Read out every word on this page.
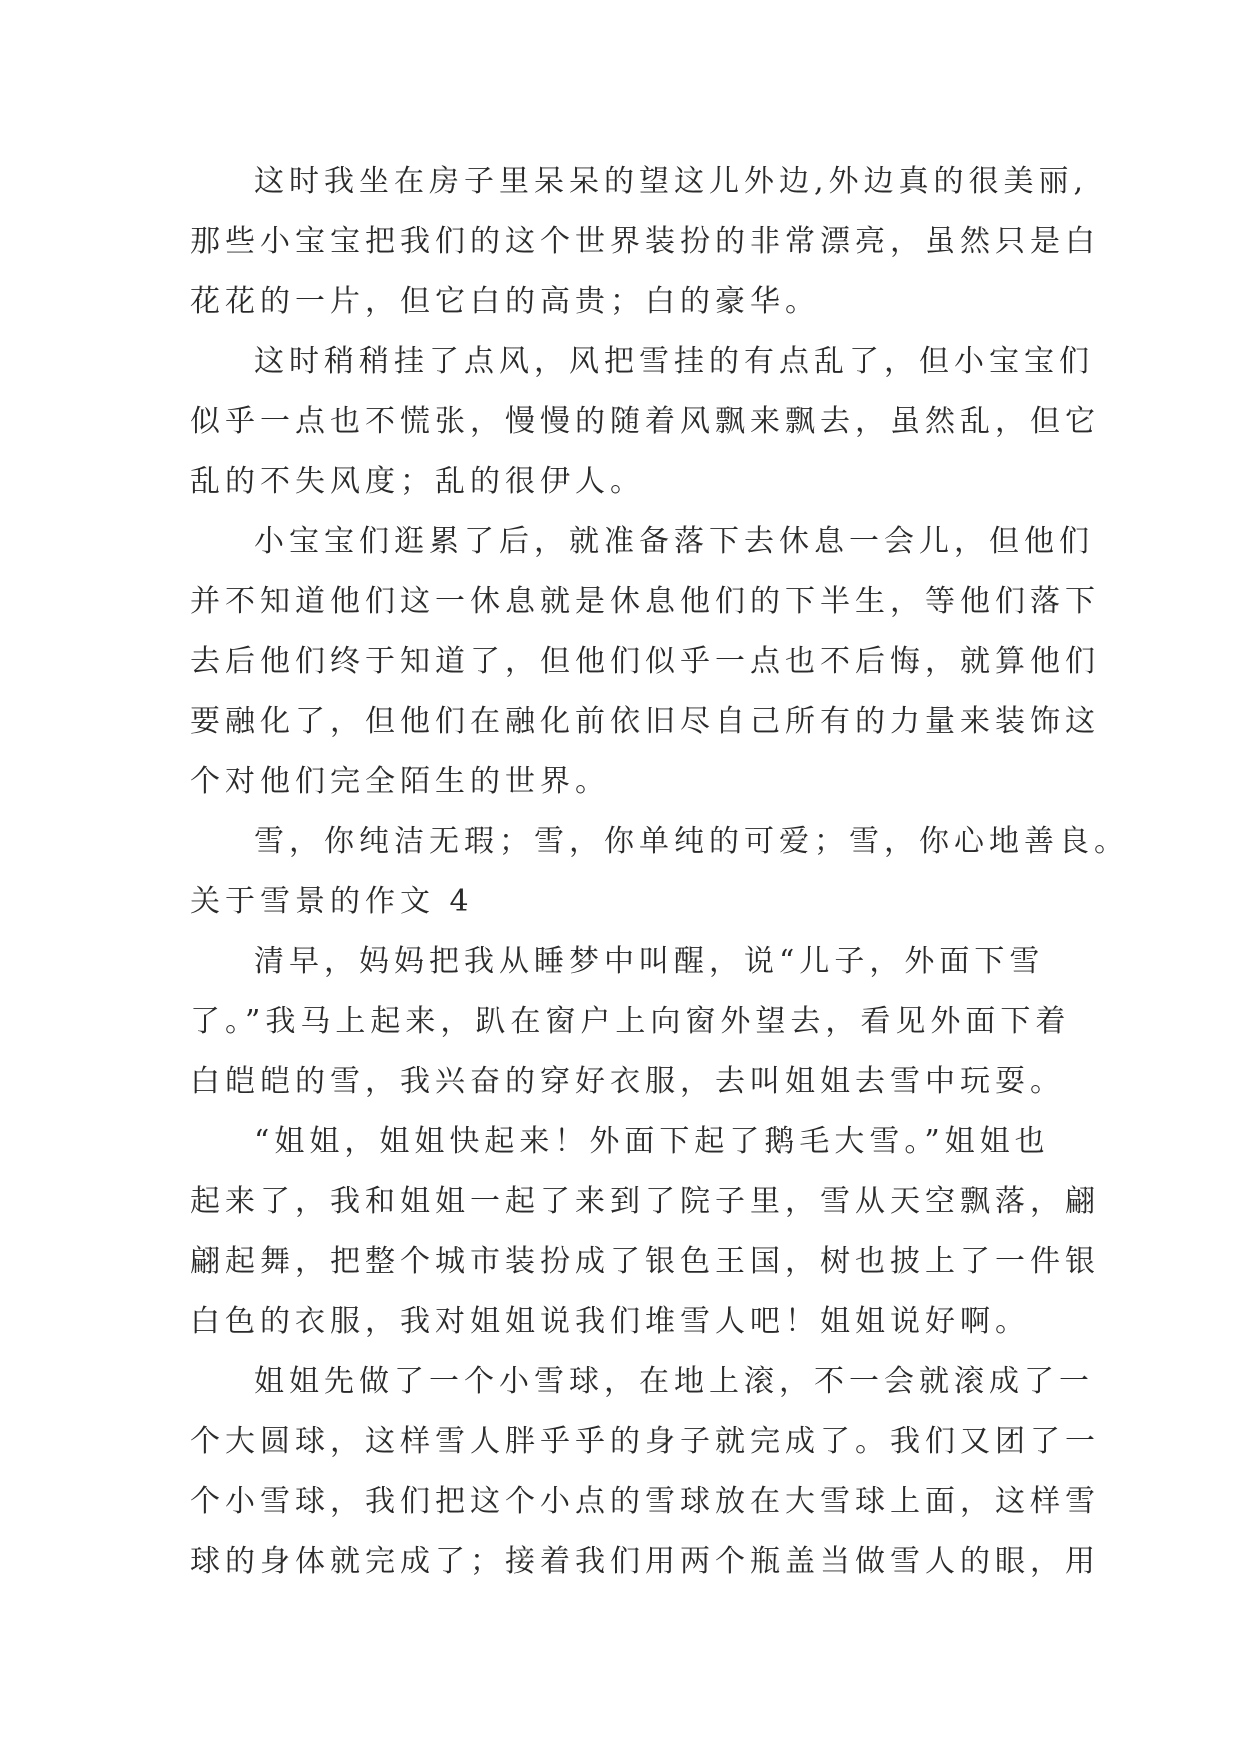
这时我坐在房子里呆呆的望这儿外边,外边真的很美丽,
那些小宝宝把我们的这个世界装扮的非常漂亮，虽然只是白
花花的一片，但它白的高贵；白的豪华。
这时稍稍挂了点风，风把雪挂的有点乱了，但小宝宝们
似乎一点也不慌张，慢慢的随着风飘来飘去，虽然乱，但它
乱的不失风度；乱的很伊人。
小宝宝们逛累了后，就准备落下去休息一会儿，但他们
并不知道他们这一休息就是休息他们的下半生，等他们落下
去后他们终于知道了，但他们似乎一点也不后悔，就算他们
要融化了，但他们在融化前依旧尽自己所有的力量来装饰这
个对他们完全陌生的世界。
雪，你纯洁无瑕；雪，你单纯的可爱；雪，你心地善良。
关于雪景的作文 4
清早，妈妈把我从睡梦中叫醒，说“儿子，外面下雪
了。”我马上起来，趴在窗户上向窗外望去，看见外面下着
白皑皑的雪，我兴奋的穿好衣服，去叫姐姐去雪中玩耍。
“姐姐，姐姐快起来！外面下起了鹅毛大雪。”姐姐也
起来了，我和姐姐一起了来到了院子里，雪从天空飘落，翩
翩起舞，把整个城市装扮成了银色王国，树也披上了一件银
白色的衣服，我对姐姐说我们堆雪人吧！姐姐说好啊。
姐姐先做了一个小雪球，在地上滚，不一会就滚成了一
个大圆球，这样雪人胖乎乎的身子就完成了。我们又团了一
个小雪球，我们把这个小点的雪球放在大雪球上面，这样雪
球的身体就完成了；接着我们用两个瓶盖当做雪人的眼，用
